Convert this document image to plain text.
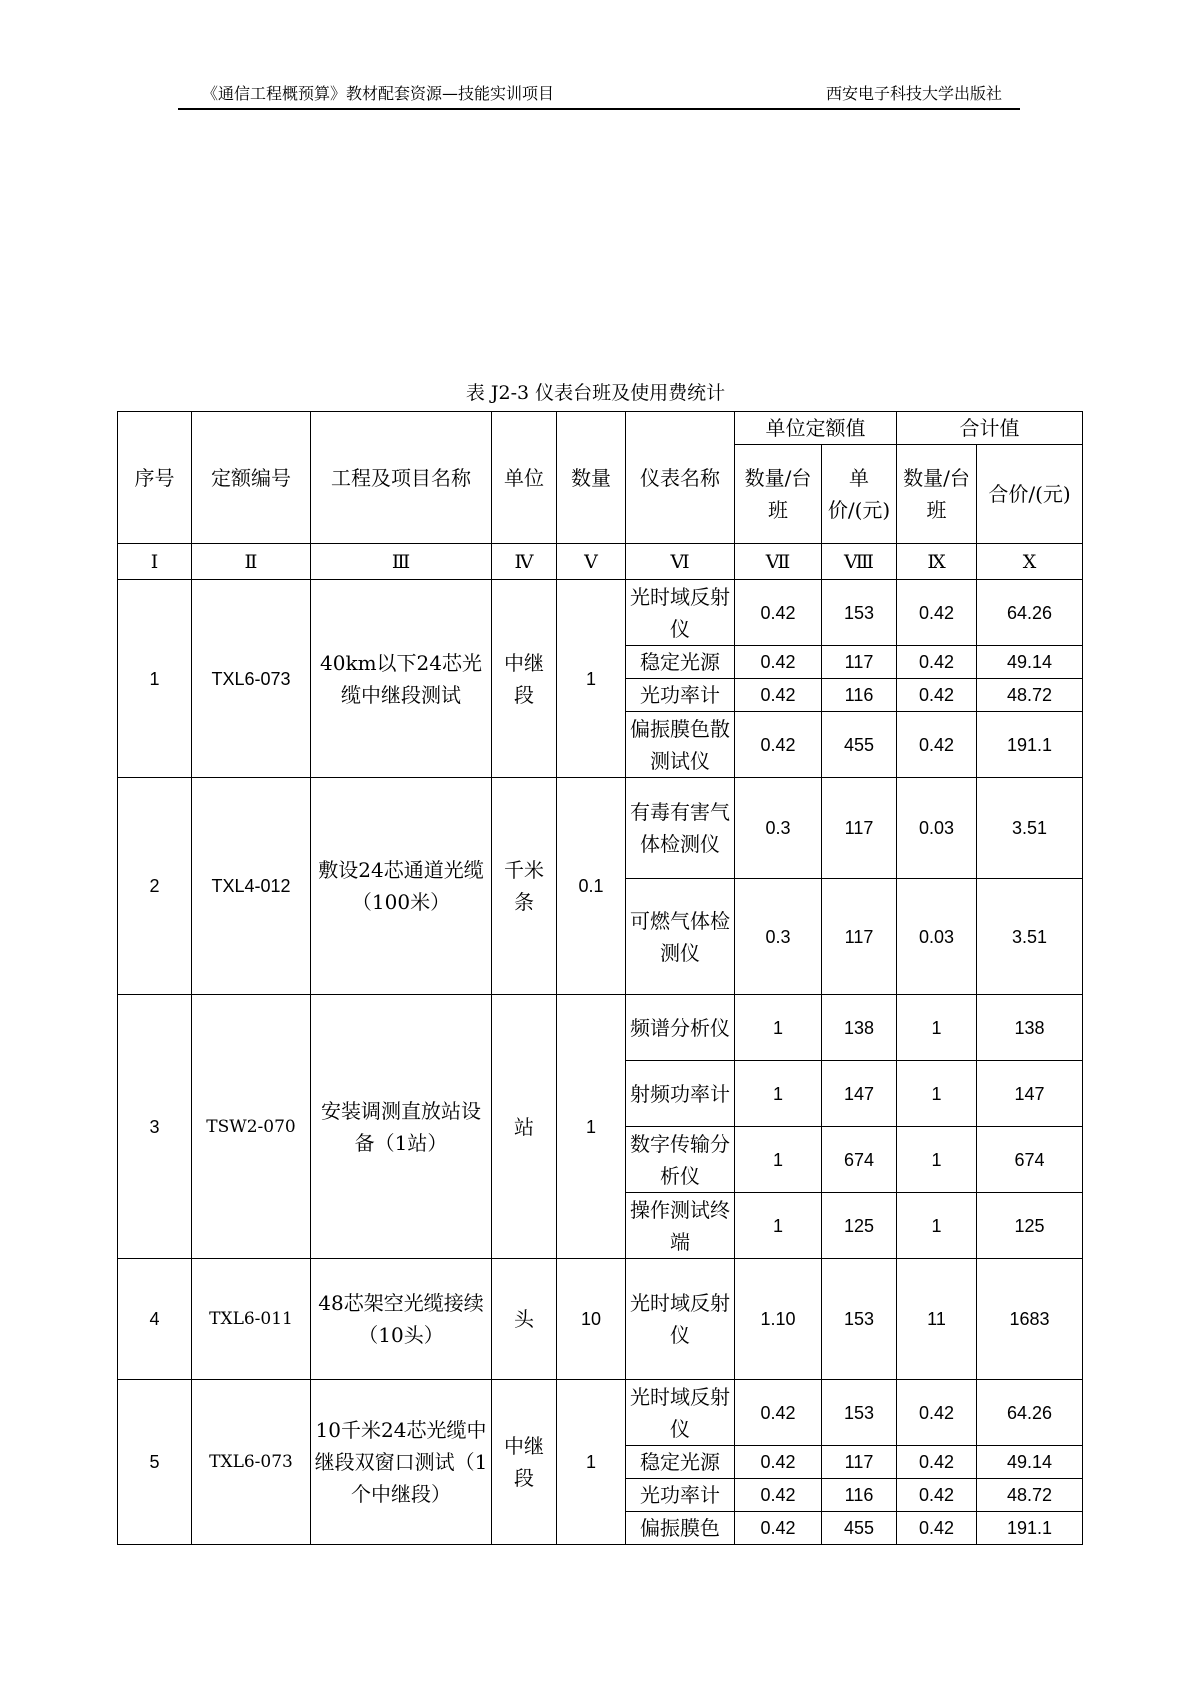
《通信工程概预算》教材配套资源—技能实训项目	西安电子科技大学出版社
表 J2-3 仪表台班及使用费统计
序号	定额编号	工程及项目名称	单位	数量	仪表名称	单位定额值		合计值	
						数量/台班	单价/(元)	数量/台班	合价/(元)
Ⅰ	Ⅱ	Ⅲ	Ⅳ	Ⅴ	Ⅵ	Ⅶ	Ⅷ	Ⅸ	Ⅹ
1	TXL6-073	40km以下24芯光缆中继段测试	中继段	1	光时域反射仪	0.42	153	0.42	64.26
					稳定光源	0.42	117	0.42	49.14
					光功率计	0.42	116	0.42	48.72
					偏振膜色散测试仪	0.42	455	0.42	191.1
2	TXL4-012	敷设24芯通道光缆（100米）	千米条	0.1	有毒有害气体检测仪	0.3	117	0.03	3.51
					可燃气体检测仪	0.3	117	0.03	3.51
3	TSW2-070	安装调测直放站设备（1站）	站	1	频谱分析仪	1	138	1	138
					射频功率计	1	147	1	147
					数字传输分析仪	1	674	1	674
					操作测试终端	1	125	1	125
4	TXL6-011	48芯架空光缆接续（10头）	头	10	光时域反射仪	1.10	153	11	1683
5	TXL6-073	10千米24芯光缆中继段双窗口测试（1个中继段）	中继段	1	光时域反射仪	0.42	153	0.42	64.26
					稳定光源	0.42	117	0.42	49.14
					光功率计	0.42	116	0.42	48.72
					偏振膜色	0.42	455	0.42	191.1
